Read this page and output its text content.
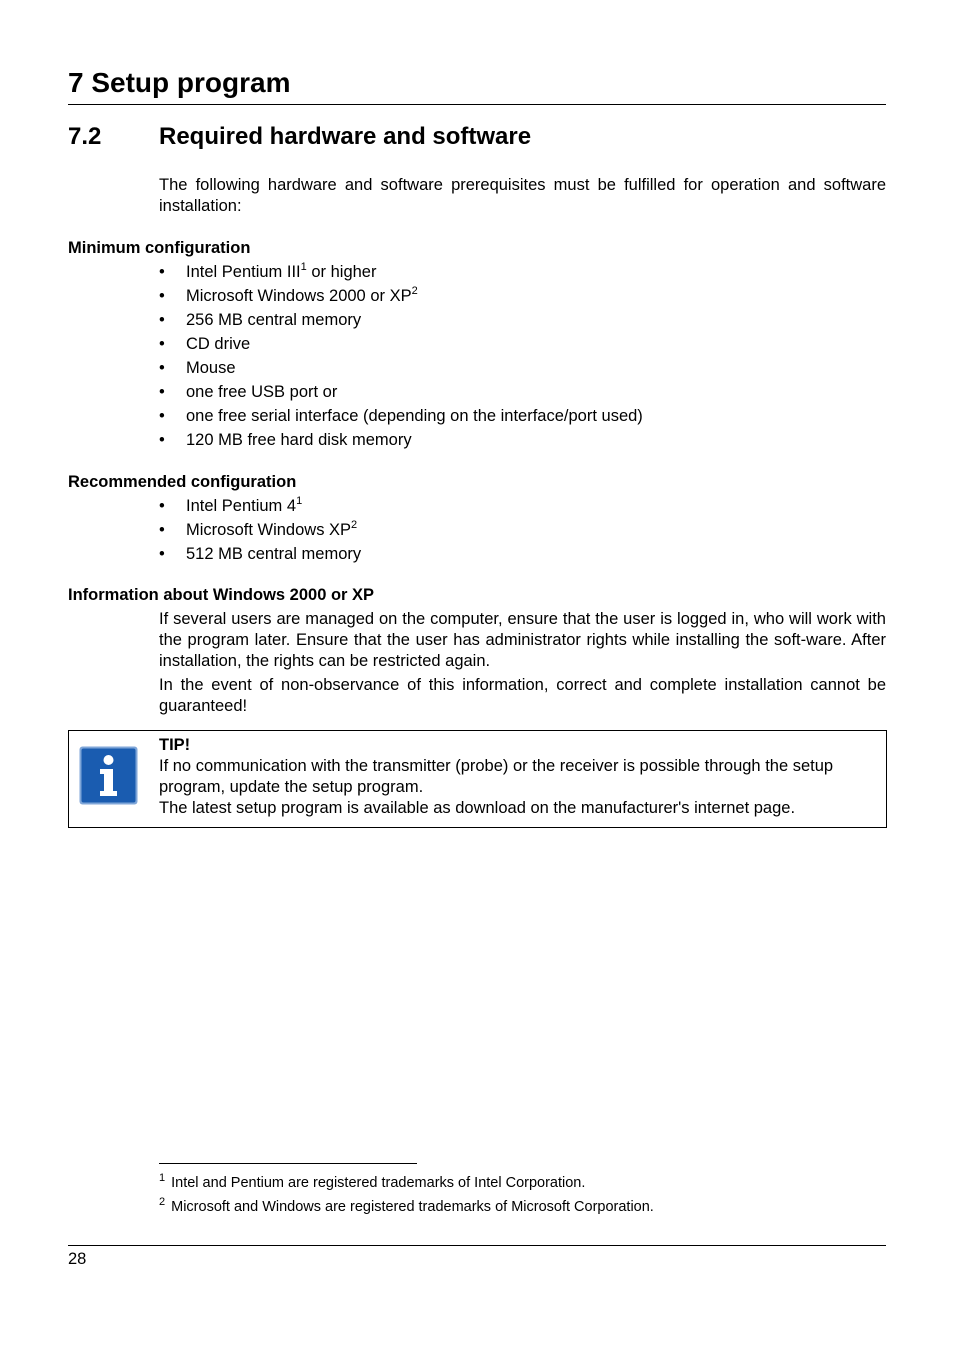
7 Setup program
7.2 Required hardware and software
The following hardware and software prerequisites must be fulfilled for operation and software installation:
Minimum configuration
• Intel Pentium III$^1$ or higher
• Microsoft Windows 2000 or $XP^2$
• 256 MB central memory
• CD drive
• Mouse
• one free USB port or
• one free serial interface (depending on the interface/port used)
• 120 MB free hard disk memory
Recommended configuration
• Intel Pentium $4^1$
• Microsoft Windows $XP^2$
• 512 MB central memory
Information about Windows 2000 or XP
If several users are managed on the computer, ensure that the user is logged in, who will work with the program later. Ensure that the user has administrator rights while installing the soft-ware. After installation, the rights can be restricted again.
In the event of non-observance of this information, correct and complete installation cannot be guaranteed!
TIP!
If no communication with the transmitter (probe) or the receiver is possible through the setup program, update the setup program.
The latest setup program is available as download on the manufacturer's internet page.
$^1$ Intel and Pentium are registered trademarks of Intel Corporation.
$^2$ Microsoft and Windows are registered trademarks of Microsoft Corporation.
28
